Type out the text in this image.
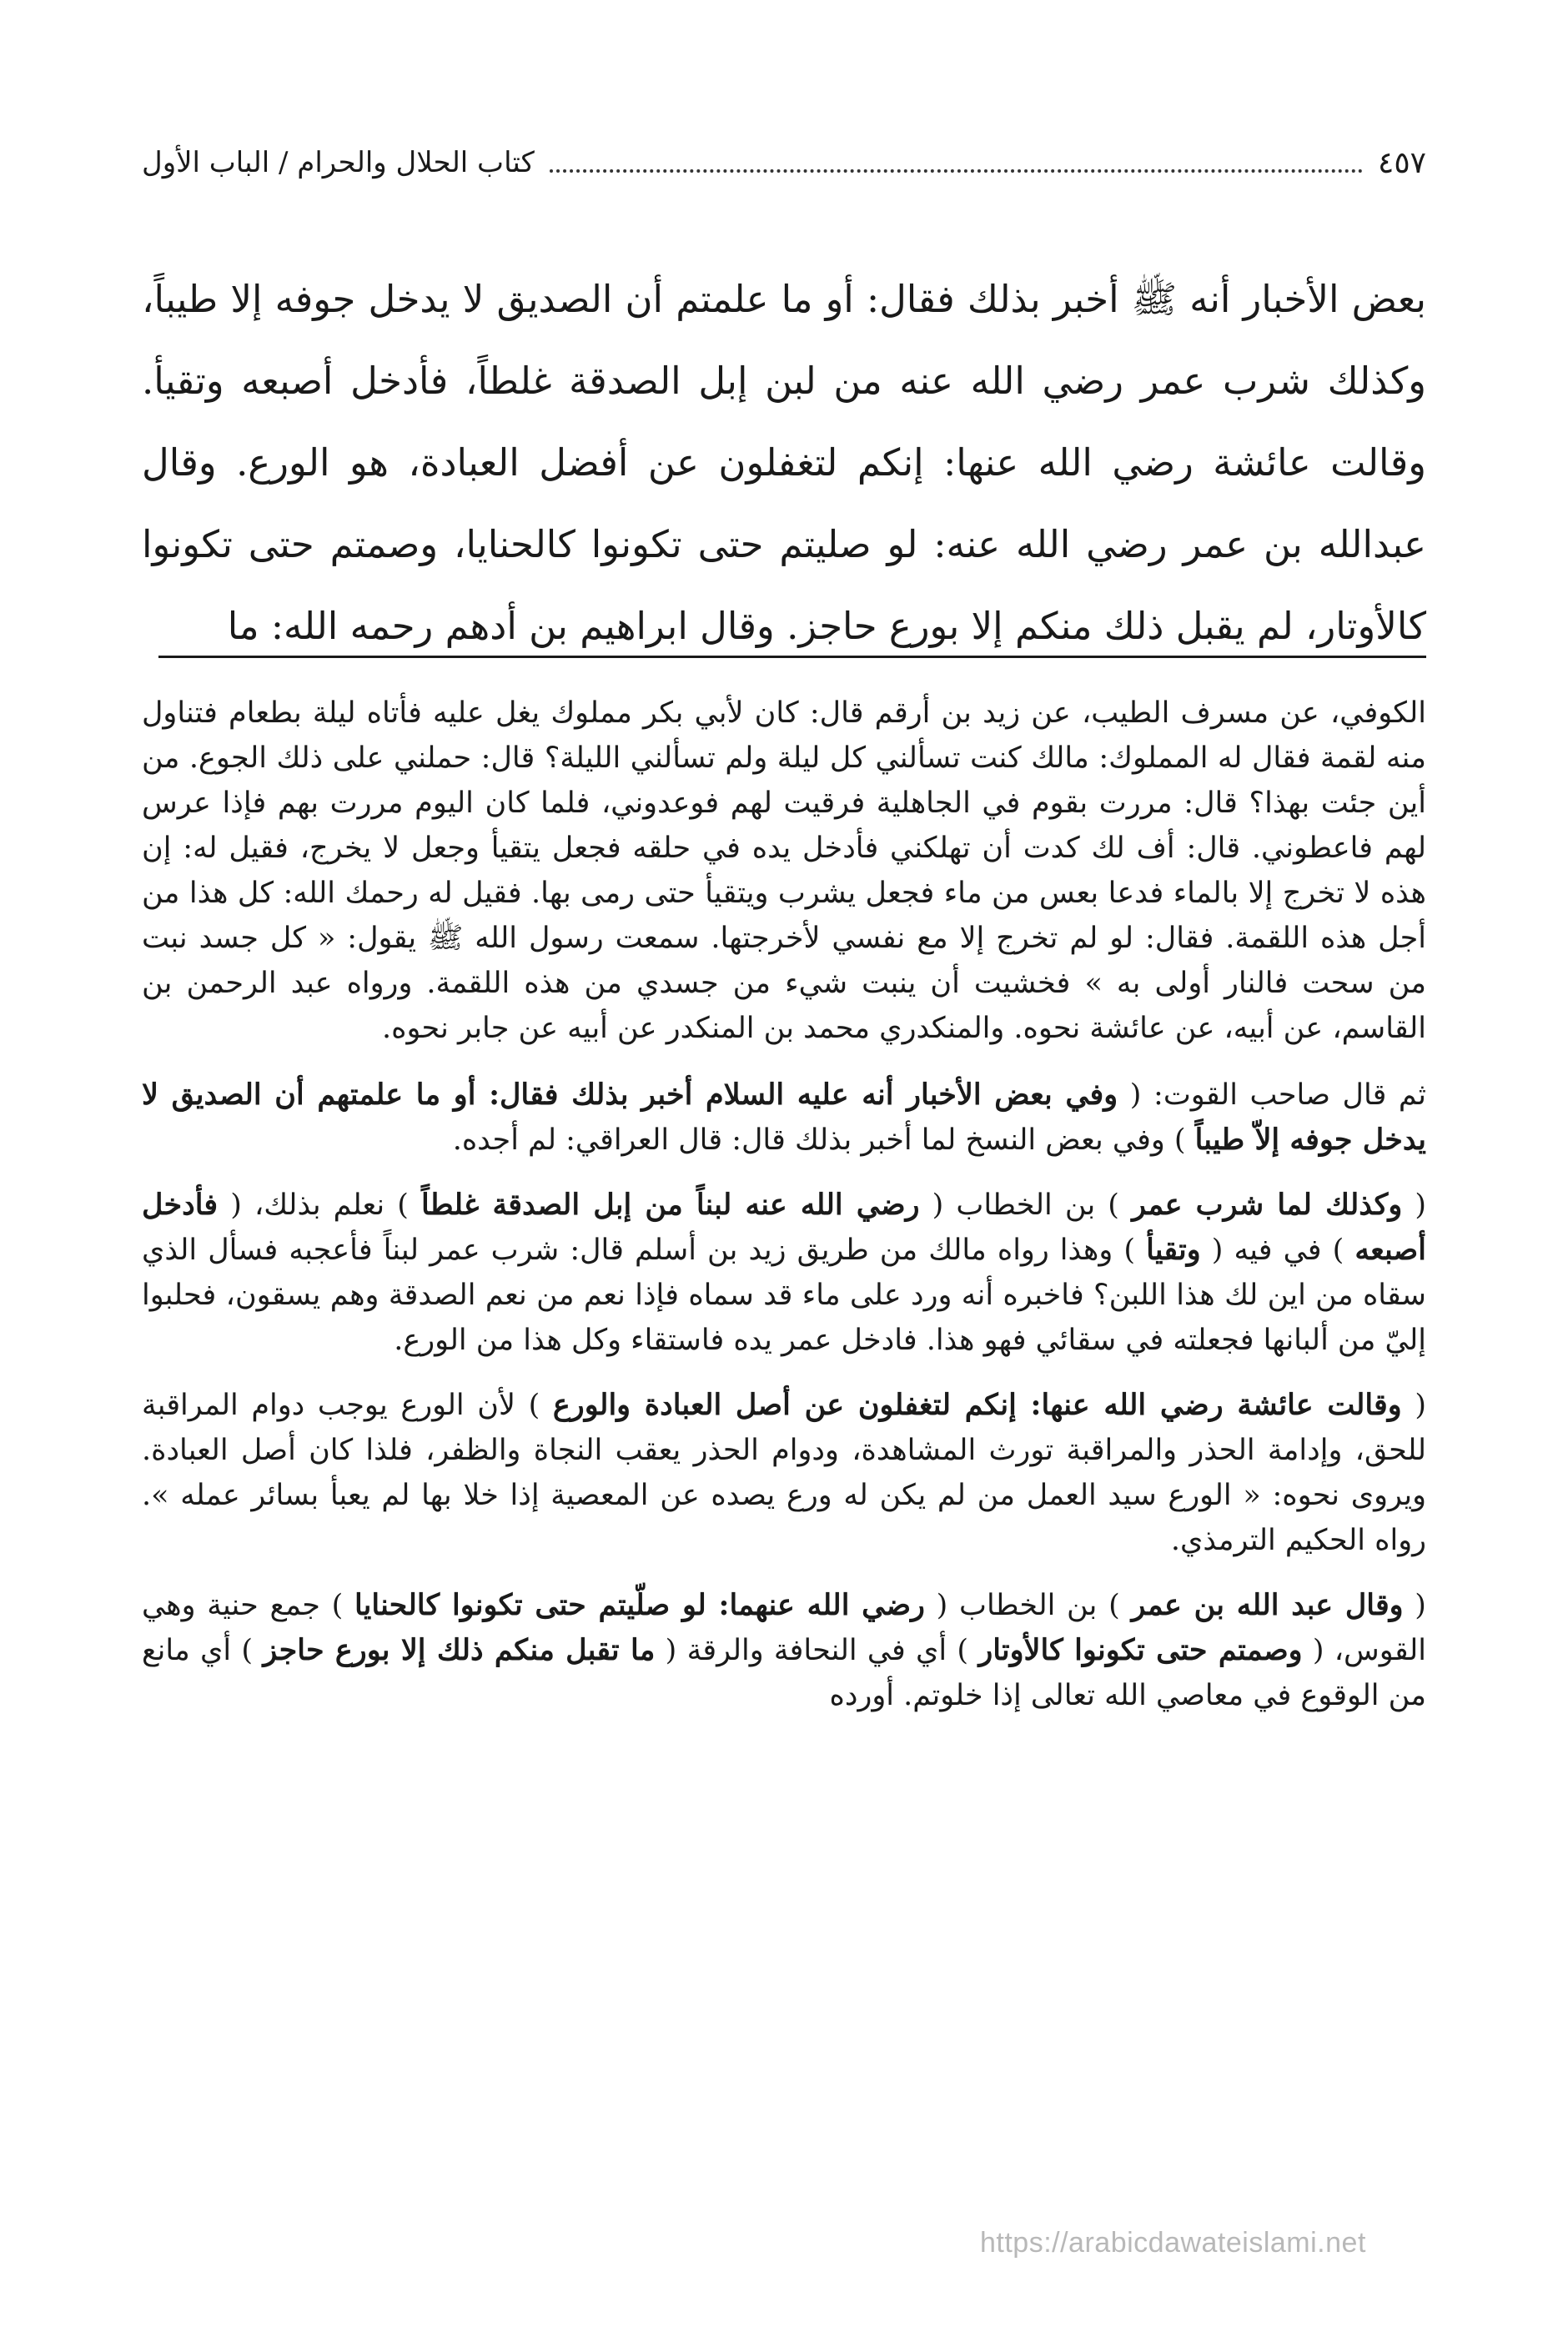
كتاب الحلال والحرام / الباب الأول	٤٥٧

بعض الأخبار أنه ﷺ أخبر بذلك فقال: أو ما علمتم أن الصديق لا يدخل جوفه إلا طيباً، وكذلك شرب عمر رضي الله عنه من لبن إبل الصدقة غلطاً، فأدخل أصبعه وتقيأ. وقالت عائشة رضي الله عنها: إنكم لتغفلون عن أفضل العبادة، هو الورع. وقال عبدالله بن عمر رضي الله عنه: لو صليتم حتى تكونوا كالحنايا، وصمتم حتى تكونوا كالأوتار، لم يقبل ذلك منكم إلا بورع حاجز. وقال ابراهيم بن أدهم رحمه الله: ما

الكوفي، عن مسرف الطيب، عن زيد بن أرقم قال: كان لأبي بكر مملوك يغل عليه فأتاه ليلة بطعام فتناول منه لقمة فقال له المملوك: مالك كنت تسألني كل ليلة ولم تسألني الليلة؟ قال: حملني على ذلك الجوع. من أين جئت بهذا؟ قال: مررت بقوم في الجاهلية فرقيت لهم فوعدوني، فلما كان اليوم مررت بهم فإذا عرس لهم فاعطوني. قال: أف لك كدت أن تهلكني فأدخل يده في حلقه فجعل يتقيأ وجعل لا يخرج، فقيل له: إن هذه لا تخرج إلا بالماء فدعا بعس من ماء فجعل يشرب ويتقيأ حتى رمى بها. فقيل له رحمك الله: كل هذا من أجل هذه اللقمة. فقال: لو لم تخرج إلا مع نفسي لأخرجتها. سمعت رسول الله ﷺ يقول: « كل جسد نبت من سحت فالنار أولى به » فخشيت أن ينبت شيء من جسدي من هذه اللقمة. ورواه عبد الرحمن بن القاسم، عن أبيه، عن عائشة نحوه. والمنكدري محمد بن المنكدر عن أبيه عن جابر نحوه.

ثم قال صاحب القوت: ( وفي بعض الأخبار أنه عليه السلام أخبر بذلك فقال: أو ما علمتهم أن الصديق لا يدخل جوفه إلاّ طيباً ) وفي بعض النسخ لما أخبر بذلك قال: قال العراقي: لم أجده.

( وكذلك لما شرب عمر ) بن الخطاب ( رضي الله عنه لبناً من إبل الصدقة غلطاً ) نعلم بذلك، ( فأدخل أصبعه ) في فيه ( وتقيأ ) وهذا رواه مالك من طريق زيد بن أسلم قال: شرب عمر لبناً فأعجبه فسأل الذي سقاه من اين لك هذا اللبن؟ فاخبره أنه ورد على ماء قد سماه فإذا نعم من نعم الصدقة وهم يسقون، فحلبوا إليّ من ألبانها فجعلته في سقائي فهو هذا. فادخل عمر يده فاستقاء وكل هذا من الورع.

( وقالت عائشة رضي الله عنها: إنكم لتغفلون عن أصل العبادة والورع ) لأن الورع يوجب دوام المراقبة للحق، وإدامة الحذر والمراقبة تورث المشاهدة، ودوام الحذر يعقب النجاة والظفر، فلذا كان أصل العبادة. ويروى نحوه: « الورع سيد العمل من لم يكن له ورع يصده عن المعصية إذا خلا بها لم يعبأ بسائر عمله ». رواه الحكيم الترمذي.

( وقال عبد الله بن عمر ) بن الخطاب ( رضي الله عنهما: لو صلّيتم حتى تكونوا كالحنايا ) جمع حنية وهي القوس، ( وصمتم حتى تكونوا كالأوتار ) أي في النحافة والرقة ( ما تقبل منكم ذلك إلا بورع حاجز ) أي مانع من الوقوع في معاصي الله تعالى إذا خلوتم. أورده

https://arabicdawateislami.net
